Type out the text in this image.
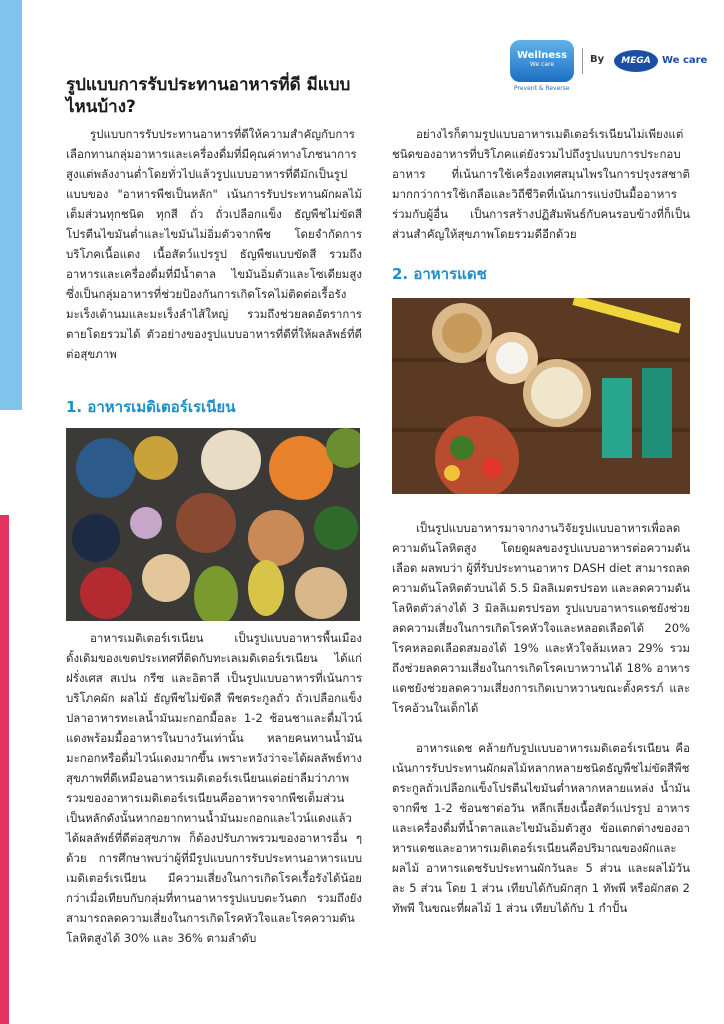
Wellness
We care
Prevent & Reverse
By	MEGA	We care
รูปแบบการรับประทานอาหารที่ดี มีแบบไหนบ้าง?

รูปแบบการรับประทานอาหารที่ดีให้ความสำคัญกับการเลือกทานกลุ่มอาหารและเครื่องดื่มที่มีคุณค่าทางโภชนาการสูงแต่พลังงานต่ำโดยทั่วไปแล้วรูปแบบอาหารที่ดีมักเป็นรูปแบบของ "อาหารพืชเป็นหลัก" เน้นการรับประทานผักผลไม้เต็มส่วนทุกชนิด ทุกสี ถั่ว ถั่วเปลือกแข็ง ธัญพืชไม่ขัดสี โปรตีนไขมันต่ำและไขมันไม่อิ่มตัวจากพืช โดยจำกัดการบริโภคเนื้อแดง เนื้อสัตว์แปรรูป ธัญพืชแบบขัดสี รวมถึงอาหารและเครื่องดื่มที่มีน้ำตาล ไขมันอิ่มตัวและโซเดียมสูง ซึ่งเป็นกลุ่มอาหารที่ช่วยป้องกันการเกิดโรคไม่ติดต่อเรื้อรัง มะเร็งเต้านมและมะเร็งลำไส้ใหญ่ รวมถึงช่วยลดอัตราการตายโดยรวมได้ ตัวอย่างของรูปแบบอาหารที่ดีที่ให้ผลลัพธ์ที่ดีต่อสุขภาพ

1. อาหารเมดิเตอร์เรเนียน

อาหารเมดิเตอร์เรเนียน เป็นรูปแบบอาหารพื้นเมืองดั้งเดิมของเขตประเทศที่ติดกับทะเลเมดิเตอร์เรเนียน ได้แก่ ฝรั่งเศส สเปน กรีซ และอิตาลี เป็นรูปแบบอาหารที่เน้นการบริโภคผัก ผลไม้ ธัญพืชไม่ขัดสี พืชตระกูลถั่ว ถั่วเปลือกแข็ง ปลาอาหารทะเลน้ำมันมะกอกมื้อละ 1-2 ช้อนชาและดื่มไวน์แดงพร้อมมื้ออาหารในบางวันเท่านั้น หลายคนทานน้ำมันมะกอกหรือดื่มไวน์แดงมากขึ้น เพราะหวังว่าจะได้ผลลัพธ์ทางสุขภาพที่ดีเหมือนอาหารเมดิเตอร์เรเนียนแต่อย่าลืมว่าภาพรวมของอาหารเมดิเตอร์เรเนียนคืออาหารจากพืชเต็มส่วนเป็นหลักดังนั้นหากอยากทานน้ำมันมะกอกและไวน์แดงแล้วได้ผลลัพธ์ที่ดีต่อสุขภาพ ก็ต้องปรับภาพรวมของอาหารอื่น ๆ ด้วย การศึกษาพบว่าผู้ที่มีรูปแบบการรับประทานอาหารแบบเมดิเตอร์เรเนียน มีความเสี่ยงในการเกิดโรคเรื้อรังได้น้อยกว่าเมื่อเทียบกับกลุ่มที่ทานอาหารรูปแบบตะวันตก รวมถึงยังสามารถลดความเสี่ยงในการเกิดโรคหัวใจและโรคความดันโลหิตสูงได้ 30% และ 36% ตามลำดับ

อย่างไรก็ตามรูปแบบอาหารเมดิเตอร์เรเนียนไม่เพียงแต่ชนิดของอาหารที่บริโภคแต่ยังรวมไปถึงรูปแบบการประกอบอาหาร ที่เน้นการใช้เครื่องเทศสมุนไพรในการปรุงรสชาติมากกว่าการใช้เกลือและวิถีชีวิตที่เน้นการแบ่งปันมื้ออาหารร่วมกับผู้อื่น เป็นการสร้างปฏิสัมพันธ์กับคนรอบข้างที่ก็เป็นส่วนสำคัญให้สุขภาพโดยรวมดีอีกด้วย

2. อาหารแดช

เป็นรูปแบบอาหารมาจากงานวิจัยรูปแบบอาหารเพื่อลดความดันโลหิตสูง โดยดูผลของรูปแบบอาหารต่อความดันเลือด ผลพบว่า ผู้ที่รับประทานอาหาร DASH diet สามารถลดความดันโลหิตตัวบนได้ 5.5 มิลลิเมตรปรอท และลดความดันโลหิตตัวล่างได้ 3 มิลลิเมตรปรอท รูปแบบอาหารแดชยังช่วยลดความเสี่ยงในการเกิดโรคหัวใจและหลอดเลือดได้ 20% โรคหลอดเลือดสมองได้ 19% และหัวใจล้มเหลว 29% รวมถึงช่วยลดความเสี่ยงในการเกิดโรคเบาหวานได้ 18% อาหารแดชยังช่วยลดความเสี่ยงการเกิดเบาหวานขณะตั้งครรภ์ และโรคอ้วนในเด็กได้

อาหารแดช คล้ายกับรูปแบบอาหารเมดิเตอร์เรเนียน คือเน้นการรับประทานผักผลไม้หลากหลายชนิดธัญพืชไม่ขัดสีพืชตระกูลถั่วเปลือกแข็งโปรตีนไขมันต่ำหลากหลายแหล่ง น้ำมันจากพืช 1-2 ช้อนชาต่อวัน หลีกเลี่ยงเนื้อสัตว์แปรรูป อาหารและเครื่องดื่มที่น้ำตาลและไขมันอิ่มตัวสูง ข้อแตกต่างของอาหารแดชและอาหารเมดิเตอร์เรเนียนคือปริมาณของผักและผลไม้ อาหารแดชรับประทานผักวันละ 5 ส่วน และผลไม้วันละ 5 ส่วน โดย 1 ส่วน เทียบได้กับผักสุก 1 ทัพพี หรือผักสด 2 ทัพพี ในขณะที่ผลไม้ 1 ส่วน เทียบได้กับ 1 กำปั้น
